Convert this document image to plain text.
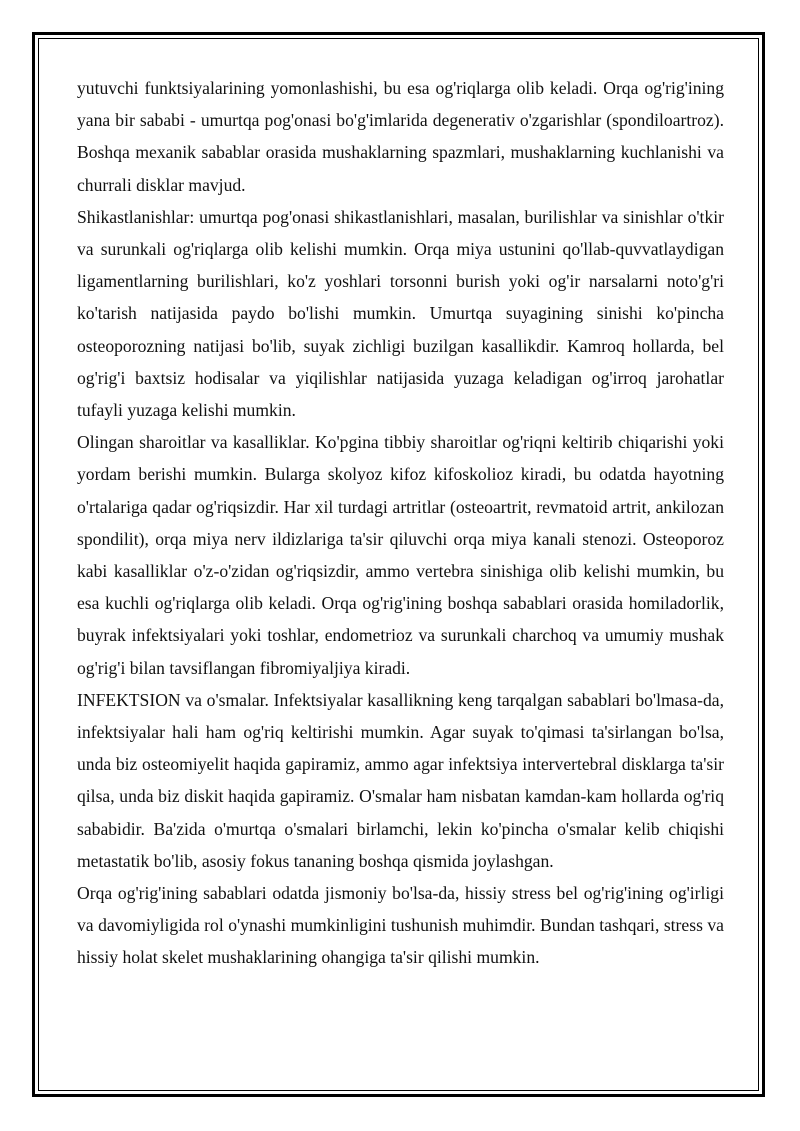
yutuvchi funktsiyalarining yomonlashishi, bu esa og'riqlarga olib keladi. Orqa og'rig'ining yana bir sababi - umurtqa pog'onasi bo'g'imlarida degenerativ o'zgarishlar (spondiloartroz). Boshqa mexanik sabablar orasida mushaklarning spazmlari, mushaklarning kuchlanishi va churrali disklar mavjud.

Shikastlanishlar: umurtqa pog'onasi shikastlanishlari, masalan, burilishlar va sinishlar o'tkir va surunkali og'riqlarga olib kelishi mumkin. Orqa miya ustunini qo'llab-quvvatlaydigan ligamentlarning burilishlari, ko'z yoshlari torsonni burish yoki og'ir narsalarni noto'g'ri ko'tarish natijasida paydo bo'lishi mumkin. Umurtqa suyagining sinishi ko'pincha osteoporozning natijasi bo'lib, suyak zichligi buzilgan kasallikdir. Kamroq hollarda, bel og'rig'i baxtsiz hodisalar va yiqilishlar natijasida yuzaga keladigan og'irroq jarohatlar tufayli yuzaga kelishi mumkin.

Olingan sharoitlar va kasalliklar. Ko'pgina tibbiy sharoitlar og'riqni keltirib chiqarishi yoki yordam berishi mumkin. Bularga skolyoz kifoz kifoskolioz kiradi, bu odatda hayotning o'rtalariga qadar og'riqsizdir. Har xil turdagi artritlar (osteoartrit, revmatoid artrit, ankilozan spondilit), orqa miya nerv ildizlariga ta'sir qiluvchi orqa miya kanali stenozi. Osteoporoz kabi kasalliklar o'z-o'zidan og'riqsizdir, ammo vertebra sinishiga olib kelishi mumkin, bu esa kuchli og'riqlarga olib keladi. Orqa og'rig'ining boshqa sabablari orasida homiladorlik, buyrak infektsiyalari yoki toshlar, endometrioz va surunkali charchoq va umumiy mushak og'rig'i bilan tavsiflangan fibromiyaljiya kiradi.

INFEKTSION va o'smalar. Infektsiyalar kasallikning keng tarqalgan sabablari bo'lmasa-da, infektsiyalar hali ham og'riq keltirishi mumkin. Agar suyak to'qimasi ta'sirlangan bo'lsa, unda biz osteomiyelit haqida gapiramiz, ammo agar infektsiya intervertebral disklarga ta'sir qilsa, unda biz diskit haqida gapiramiz. O'smalar ham nisbatan kamdan-kam hollarda og'riq sababidir. Ba'zida o'murtqa o'smalari birlamchi, lekin ko'pincha o'smalar kelib chiqishi metastatik bo'lib, asosiy fokus tananing boshqa qismida joylashgan.

Orqa og'rig'ining sabablari odatda jismoniy bo'lsa-da, hissiy stress bel og'rig'ining og'irligi va davomiyligida rol o'ynashi mumkinligini tushunish muhimdir. Bundan tashqari, stress va hissiy holat skelet mushaklarining ohangiga ta'sir qilishi mumkin.
